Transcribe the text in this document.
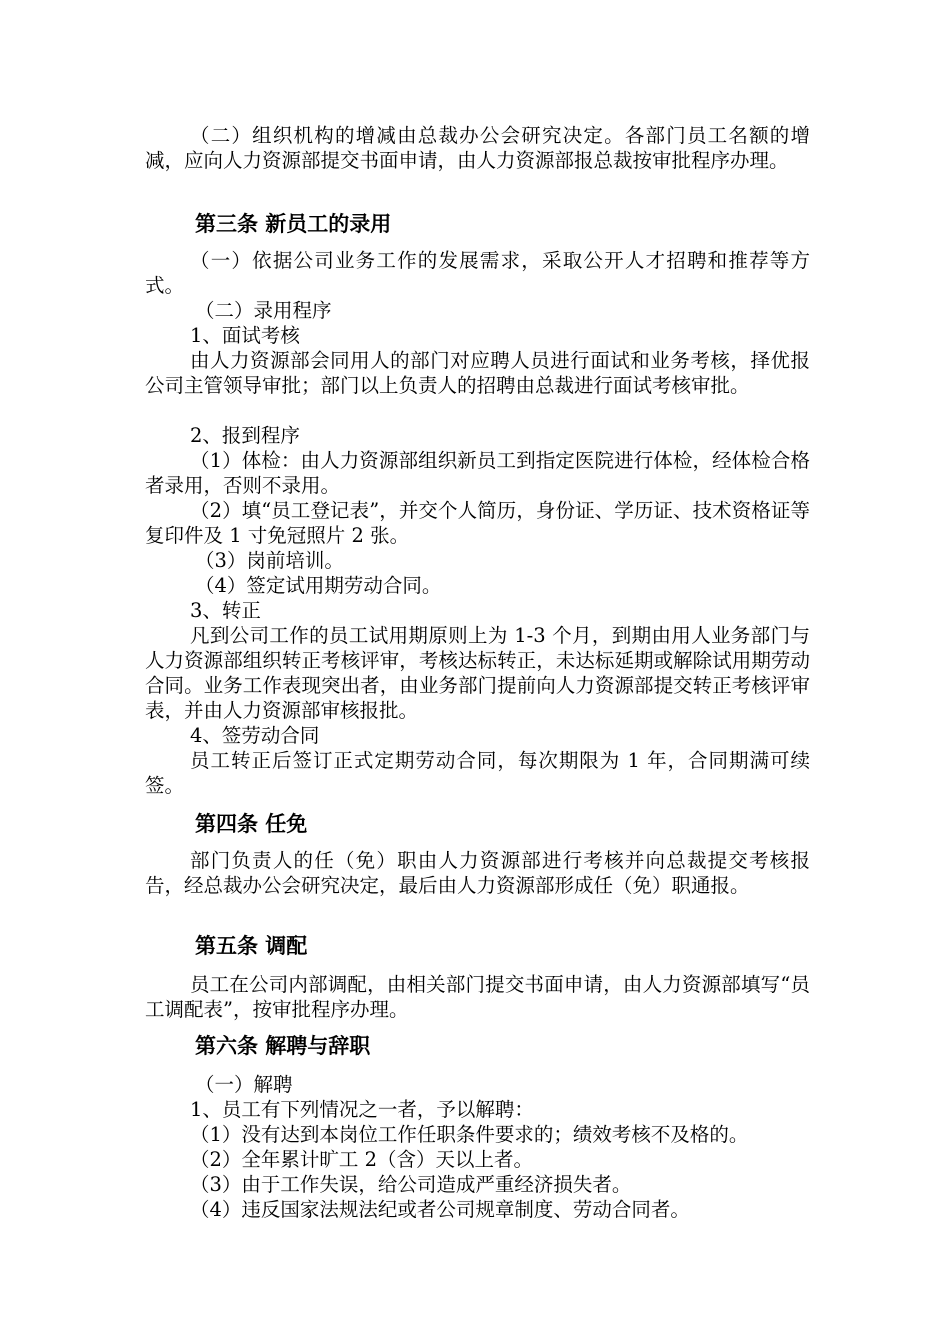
（二）组织机构的增减由总裁办公会研究决定。各部门员工名额的增减，应向人力资源部提交书面申请，由人力资源部报总裁按审批程序办理。
第三条 新员工的录用
（一）依据公司业务工作的发展需求，采取公开人才招聘和推荐等方式。
（二）录用程序
1、面试考核
由人力资源部会同用人的部门对应聘人员进行面试和业务考核，择优报公司主管领导审批；部门以上负责人的招聘由总裁进行面试考核审批。
2、报到程序
（1）体检：由人力资源部组织新员工到指定医院进行体检，经体检合格者录用，否则不录用。
（2）填“员工登记表”，并交个人简历，身份证、学历证、技术资格证等复印件及 1 寸免冠照片 2 张。
（3）岗前培训。
（4）签定试用期劳动合同。
3、转正
凡到公司工作的员工试用期原则上为 1-3 个月，到期由用人业务部门与人力资源部组织转正考核评审，考核达标转正，未达标延期或解除试用期劳动合同。业务工作表现突出者，由业务部门提前向人力资源部提交转正考核评审表，并由人力资源部审核报批。
4、签劳动合同
员工转正后签订正式定期劳动合同，每次期限为 1 年，合同期满可续签。
第四条 任免
部门负责人的任（免）职由人力资源部进行考核并向总裁提交考核报告，经总裁办公会研究决定，最后由人力资源部形成任（免）职通报。
第五条 调配
员工在公司内部调配，由相关部门提交书面申请，由人力资源部填写“员工调配表”，按审批程序办理。
第六条 解聘与辞职
（一）解聘
1、员工有下列情况之一者，予以解聘：
（1）没有达到本岗位工作任职条件要求的；绩效考核不及格的。
（2）全年累计旷工 2（含）天以上者。
（3）由于工作失误，给公司造成严重经济损失者。
（4）违反国家法规法纪或者公司规章制度、劳动合同者。
